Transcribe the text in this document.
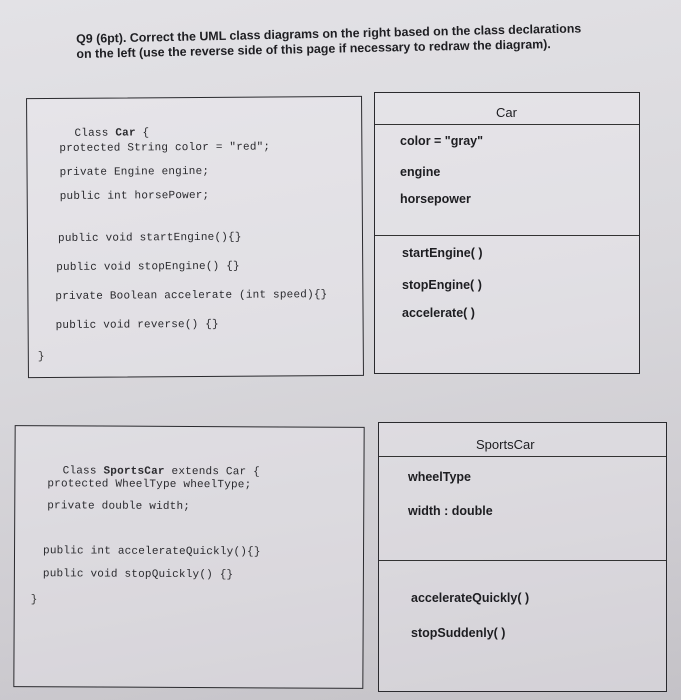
Q9 (6pt). Correct the UML class diagrams on the right based on the class declarations on the left (use the reverse side of this page if necessary to redraw the diagram).

Class Car {

protected String color = "red";
private Engine engine;
public int horsePower;
public void startEngine(){}
public void stopEngine() {}
private Boolean accelerate (int speed){}
public void reverse() {}
}
Car
color = "gray"
engine
horsepower
startEngine( )
stopEngine( )
accelerate( )

Class SportsCar extends Car {

protected WheelType wheelType;
private double width;
public int accelerateQuickly(){}
public void stopQuickly() {}
}
SportsCar
wheelType
width : double
accelerateQuickly( )
stopSuddenly( )
